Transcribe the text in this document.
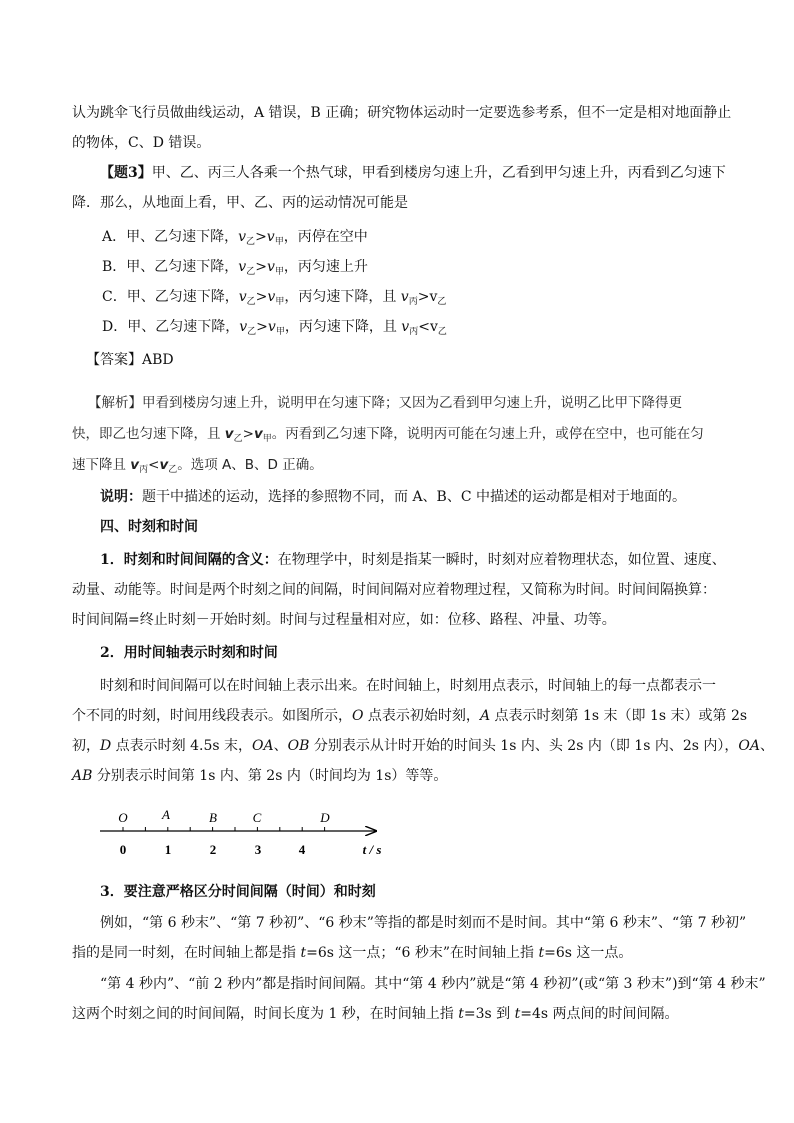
认为跳伞飞行员做曲线运动，A 错误，B 正确；研究物体运动时一定要选参考系，但不一定是相对地面静止
的物体，C、D 错误。
【题3】甲、乙、丙三人各乘一个热气球，甲看到楼房匀速上升，乙看到甲匀速上升，丙看到乙匀速下
降．那么，从地面上看，甲、乙、丙的运动情况可能是
A．甲、乙匀速下降，$v_乙>v_甲$，丙停在空中
B．甲、乙匀速下降，$v_乙>v_甲$，丙匀速上升
C．甲、乙匀速下降，$v_乙>v_甲$，丙匀速下降，且 $v_丙>v_乙$
D．甲、乙匀速下降，$v_乙>v_甲$，丙匀速下降，且 $v_丙<v_乙$
【答案】ABD
【解析】甲看到楼房匀速上升，说明甲在匀速下降；又因为乙看到甲匀速上升，说明乙比甲下降得更
快，即乙也匀速下降，且 $v_乙>v_甲$。丙看到乙匀速下降，说明丙可能在匀速上升，或停在空中，也可能在匀
速下降且 $v_丙<v_乙$。选项 A、B、D 正确。
说明：题干中描述的运动，选择的参照物不同，而 A、B、C 中描述的运动都是相对于地面的。
四、时刻和时间
1．时刻和时间间隔的含义：在物理学中，时刻是指某一瞬时，时刻对应着物理状态，如位置、速度、
动量、动能等。时间是两个时刻之间的间隔，时间间隔对应着物理过程，又简称为时间。时间间隔换算：
时间间隔=终止时刻－开始时刻。时间与过程量相对应，如：位移、路程、冲量、功等。
2．用时间轴表示时刻和时间
时刻和时间间隔可以在时间轴上表示出来。在时间轴上，时刻用点表示，时间轴上的每一点都表示一
个不同的时刻，时间用线段表示。如图所示，O 点表示初始时刻，A 点表示时刻第 1s 末（即 1s 末）或第 2s
初，D 点表示时刻 4.5s 末，OA、OB 分别表示从计时开始的时间头 1s 内、头 2s 内（即 1s 内、2s 内），OA、
AB 分别表示时间第 1s 内、第 2s 内（时间均为 1s）等等。
O	A	B	C	D
0	1	2	3	4	t / s
3．要注意严格区分时间间隔（时间）和时刻
例如，“第 6 秒末”、“第 7 秒初”、“6 秒末”等指的都是时刻而不是时间。其中“第 6 秒末”、“第 7 秒初”
指的是同一时刻，在时间轴上都是指 t=6s 这一点；“6 秒末”在时间轴上指 t=6s 这一点。
“第 4 秒内”、“前 2 秒内”都是指时间间隔。其中“第 4 秒内”就是“第 4 秒初”(或“第 3 秒末”)到“第 4 秒末”
这两个时刻之间的时间间隔，时间长度为 1 秒，在时间轴上指 t=3s 到 t=4s 两点间的时间间隔。
